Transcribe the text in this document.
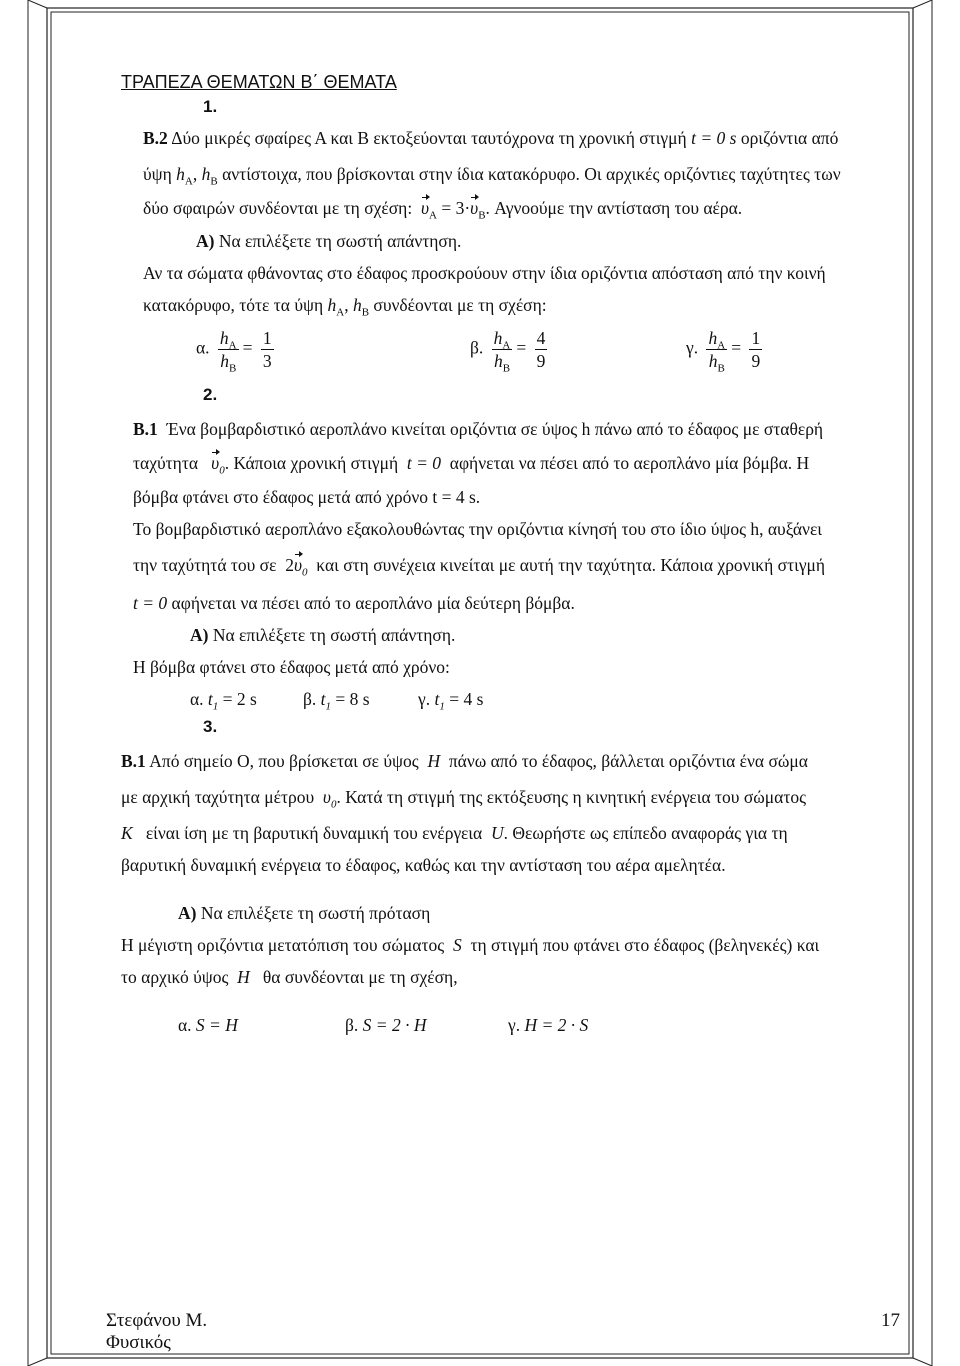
ΤΡΑΠΕΖΑ ΘΕΜΑΤΩΝ Β΄ ΘΕΜΑΤΑ
1.
Β.2 Δύο μικρές σφαίρες Α και Β εκτοξεύονται ταυτόχρονα τη χρονική στιγμή t = 0 s οριζόντια από
ύψη $h_A$, $h_B$ αντίστοιχα, που βρίσκονται στην ίδια κατακόρυφο. Οι αρχικές οριζόντιες ταχύτητες των
δύο σφαιρών συνδέονται με τη σχέση: $\upsilon_A = 3\cdot\upsilon_B$. Αγνοούμε την αντίσταση του αέρα.
Α) Να επιλέξετε τη σωστή απάντηση.
Αν τα σώματα φθάνοντας στο έδαφος προσκρούουν στην ίδια οριζόντια απόσταση από την κοινή
κατακόρυφο, τότε τα ύψη $h_A$, $h_B$ συνδέονται με τη σχέση:
α. $\frac{h_A}{h_B} = \frac{1}{3}$	β. $\frac{h_A}{h_B} = \frac{4}{9}$	γ. $\frac{h_A}{h_B} = \frac{1}{9}$
2.
Β.1 Ένα βομβαρδιστικό αεροπλάνο κινείται οριζόντια σε ύψος h πάνω από το έδαφος με σταθερή
ταχύτητα $\upsilon_0$. Κάποια χρονική στιγμή t = 0 αφήνεται να πέσει από το αεροπλάνο μία βόμβα. Η
βόμβα φτάνει στο έδαφος μετά από χρόνο t = 4 s.
Το βομβαρδιστικό αεροπλάνο εξακολουθώντας την οριζόντια κίνησή του στο ίδιο ύψος h, αυξάνει
την ταχύτητά του σε $2\upsilon_0$ και στη συνέχεια κινείται με αυτή την ταχύτητα. Κάποια χρονική στιγμή
t = 0 αφήνεται να πέσει από το αεροπλάνο μία δεύτερη βόμβα.
Α) Να επιλέξετε τη σωστή απάντηση.
Η βόμβα φτάνει στο έδαφος μετά από χρόνο:
α. $t_1 = 2$ s	β. $t_1 = 8$ s	γ. $t_1 = 4$ s
3.
Β.1 Από σημείο Ο, που βρίσκεται σε ύψος H πάνω από το έδαφος, βάλλεται οριζόντια ένα σώμα
με αρχική ταχύτητα μέτρου $\upsilon_0$. Κατά τη στιγμή της εκτόξευσης η κινητική ενέργεια του σώματος
K είναι ίση με τη βαρυτική δυναμική του ενέργεια U. Θεωρήστε ως επίπεδο αναφοράς για τη
βαρυτική δυναμική ενέργεια το έδαφος, καθώς και την αντίσταση του αέρα αμελητέα.
Α) Να επιλέξετε τη σωστή πρόταση
Η μέγιστη οριζόντια μετατόπιση του σώματος S τη στιγμή που φτάνει στο έδαφος (βεληνεκές) και
το αρχικό ύψος H θα συνδέονται με τη σχέση,
α. S = H	β. S = 2 · H	γ. H = 2 · S
Στεφάνου Μ.
Φυσικός
17
